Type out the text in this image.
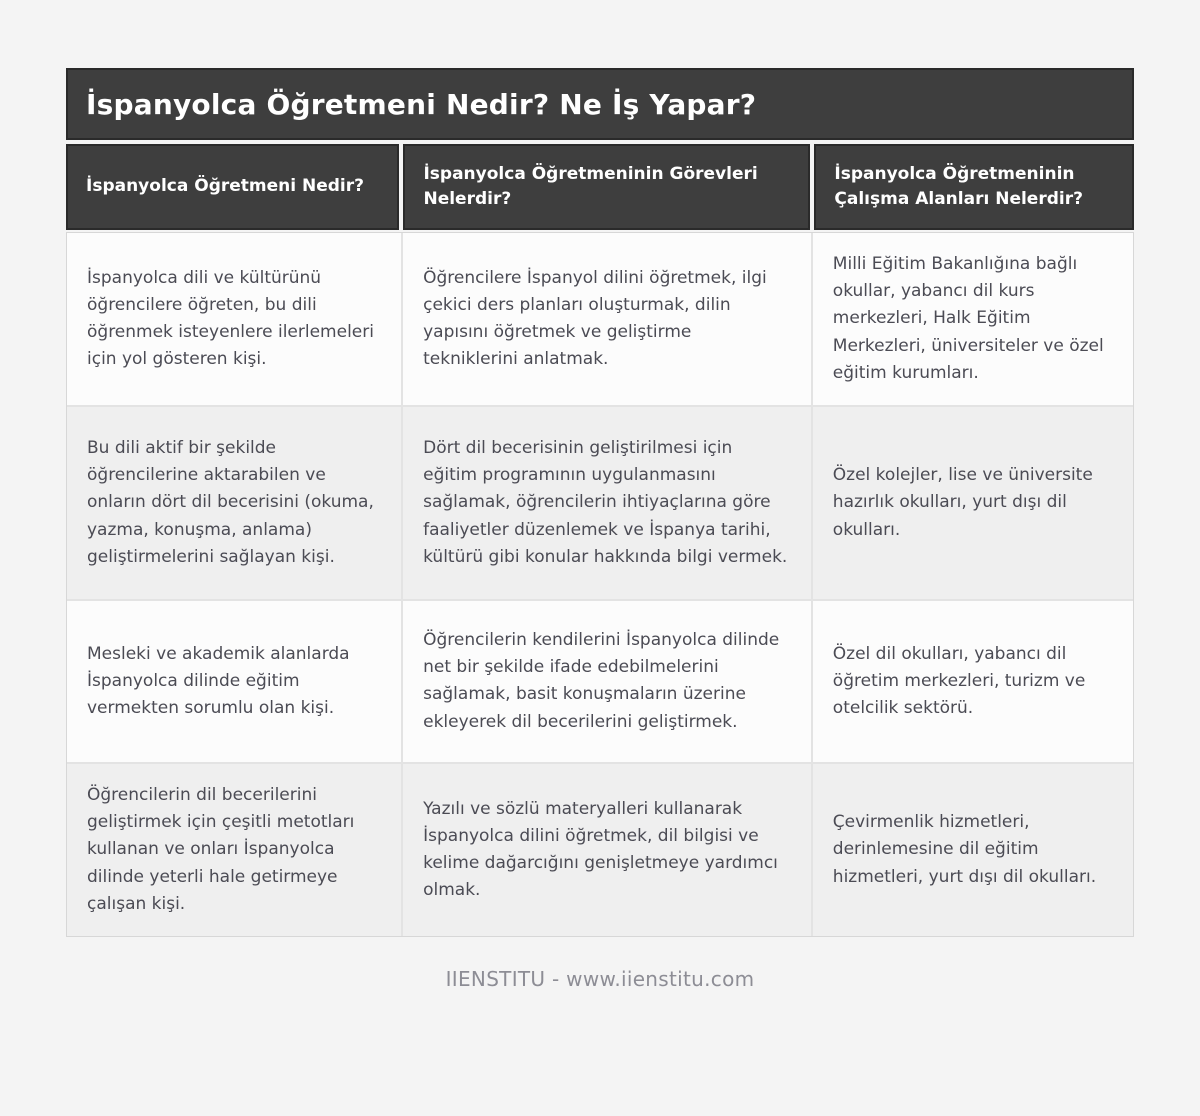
İspanyolca Öğretmeni Nedir? Ne İş Yapar?
İspanyolca Öğretmeni Nedir?
İspanyolca Öğretmeninin Görevleri Nelerdir?
İspanyolca Öğretmeninin Çalışma Alanları Nelerdir?
İspanyolca dili ve kültürünü öğrencilere öğreten, bu dili öğrenmek isteyenlere ilerlemeleri için yol gösteren kişi.
Öğrencilere İspanyol dilini öğretmek, ilgi çekici ders planları oluşturmak, dilin yapısını öğretmek ve geliştirme tekniklerini anlatmak.
Milli Eğitim Bakanlığına bağlı okullar, yabancı dil kurs merkezleri, Halk Eğitim Merkezleri, üniversiteler ve özel eğitim kurumları.
Bu dili aktif bir şekilde öğrencilerine aktarabilen ve onların dört dil becerisini (okuma, yazma, konuşma, anlama) geliştirmelerini sağlayan kişi.
Dört dil becerisinin geliştirilmesi için eğitim programının uygulanmasını sağlamak, öğrencilerin ihtiyaçlarına göre faaliyetler düzenlemek ve İspanya tarihi, kültürü gibi konular hakkında bilgi vermek.
Özel kolejler, lise ve üniversite hazırlık okulları, yurt dışı dil okulları.
Mesleki ve akademik alanlarda İspanyolca dilinde eğitim vermekten sorumlu olan kişi.
Öğrencilerin kendilerini İspanyolca dilinde net bir şekilde ifade edebilmelerini sağlamak, basit konuşmaların üzerine ekleyerek dil becerilerini geliştirmek.
Özel dil okulları, yabancı dil öğretim merkezleri, turizm ve otelcilik sektörü.
Öğrencilerin dil becerilerini geliştirmek için çeşitli metotları kullanan ve onları İspanyolca dilinde yeterli hale getirmeye çalışan kişi.
Yazılı ve sözlü materyalleri kullanarak İspanyolca dilini öğretmek, dil bilgisi ve kelime dağarcığını genişletmeye yardımcı olmak.
Çevirmenlik hizmetleri, derinlemesine dil eğitim hizmetleri, yurt dışı dil okulları.
IIENSTITU - www.iienstitu.com
